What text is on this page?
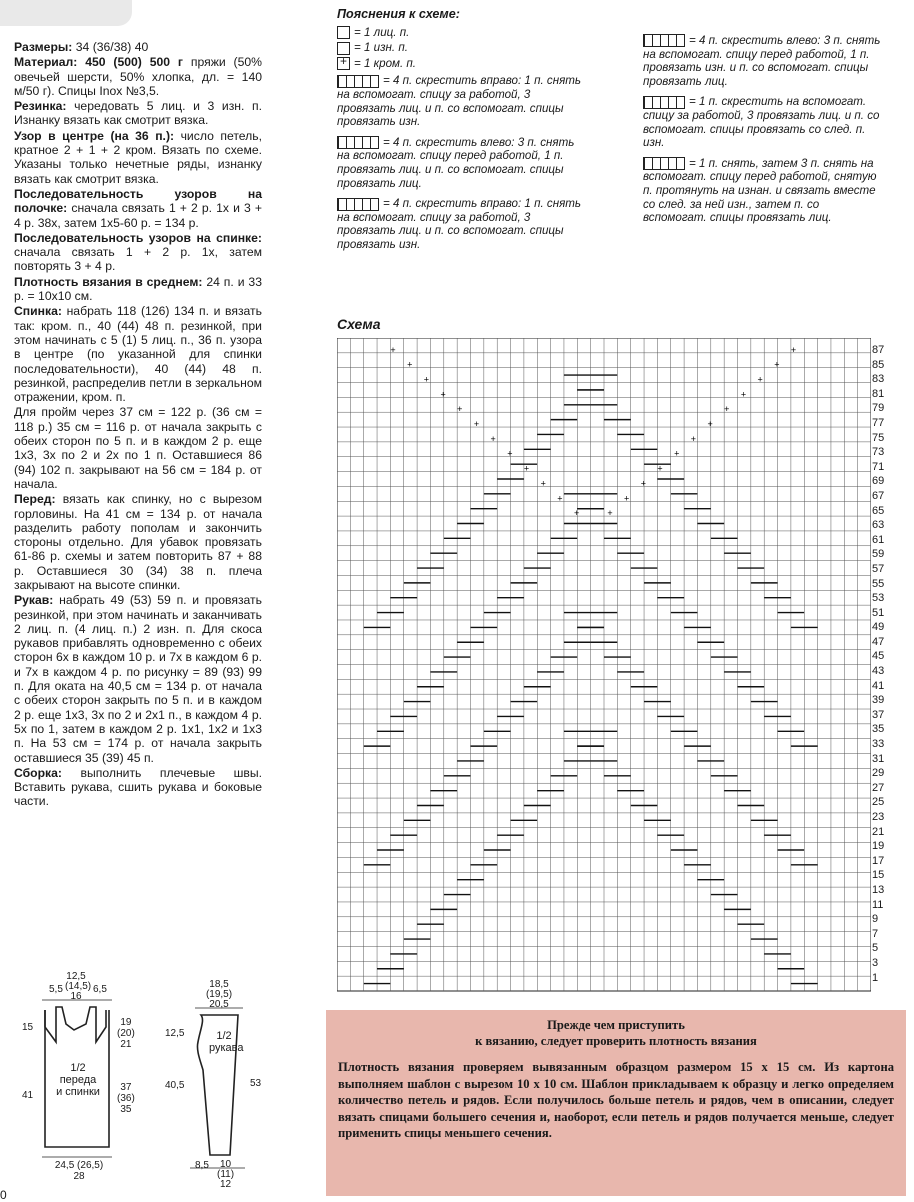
Размеры: 34 (36/38) 40

Материал: 450 (500) 500 г пряжи (50% овечьей шерсти, 50% хлопка, дл. = 140 м/50 г). Спицы Inox №3,5.

Резинка: чередовать 5 лиц. и 3 изн. п. Изнанку вязать как смотрит вязка.

Узор в центре (на 36 п.): число петель, кратное 2 + 1 + 2 кром. Вязать по схеме. Указаны только нечетные ряды, изнанку вязать как смотрит вязка.

Последовательность узоров на полочке: сначала связать 1 + 2 р. 1x и 3 + 4 р. 38x, затем 1x5-60 р. = 134 р.

Последовательность узоров на спинке: сначала связать 1 + 2 р. 1x, затем повторять 3 + 4 р.

Плотность вязания в среднем: 24 п. и 33 р. = 10x10 см.

Спинка: набрать 118 (126) 134 п. и вязать так: кром. п., 40 (44) 48 п. резинкой, при этом начинать с 5 (1) 5 лиц. п., 36 п. узора в центре (по указанной для спинки последовательности), 40 (44) 48 п. резинкой, распределив петли в зеркальном отражении, кром. п.

Для пройм через 37 см = 122 р. (36 см = 118 р.) 35 см = 116 р. от начала закрыть с обеих сторон по 5 п. и в каждом 2 р. еще 1x3, 3x по 2 и 2x по 1 п. Оставшиеся 86 (94) 102 п. закрывают на 56 см = 184 р. от начала.

Перед: вязать как спинку, но с вырезом горловины. На 41 см = 134 р. от начала разделить работу пополам и закончить стороны отдельно. Для убавок провязать 61-86 р. схемы и затем повторить 87 + 88 р. Оставшиеся 30 (34) 38 п. плеча закрывают на высоте спинки.

Рукав: набрать 49 (53) 59 п. и провязать резинкой, при этом начинать и заканчивать 2 лиц. п. (4 лиц. п.) 2 изн. п. Для скоса рукавов прибавлять одновременно с обеих сторон 6x в каждом 10 р. и 7x в каждом 6 р. и 7x в каждом 4 р. по рисунку = 89 (93) 99 п. Для оката на 40,5 см = 134 р. от начала с обеих сторон закрыть по 5 п. и в каждом 2 р. еще 1x3, 3x по 2 и 2x1 п., в каждом 4 р. 5x по 1, затем в каждом 2 р. 1x1, 1x2 и 1x3 п. На 53 см = 174 р. от начала закрыть оставшиеся 35 (39) 45 п.

Сборка: выполнить плечевые швы. Вставить рукава, сшить рукава и боковые части.

Пояснения к схеме:
= 1 лиц. п.
= 1 изн. п.
+ = 1 кром. п.
= 4 п. скрестить вправо: 1 п. снять на вспомогат. спицу за работой, 3 провязать лиц. и п. со вспомогат. спицы провязать изн.
= 4 п. скрестить влево: 3 п. снять на вспомогат. спицу перед работой, 1 п. провязать лиц. и п. со вспомогат. спицы провязать лиц.
= 4 п. скрестить вправо: 1 п. снять на вспомогат. спицу за работой, 3 провязать лиц. и п. со вспомогат. спицы провязать изн.
= 4 п. скрестить влево: 3 п. снять на вспомогат. спицу перед работой, 1 п. провязать изн. и п. со вспомогат. спицы провязать лиц.
= 1 п. скрестить на вспомогат. спицу за работой, 3 провязать лиц. и п. со вспомогат. спицы провязать со след. п. изн.
= 1 п. снять, затем 3 п. снять на вспомогат. спицу перед работой, снятую п. протянуть на изнан. и связать вместе со след. за ней изн., затем п. со вспомогат. спицы провязать лиц.
Схема
+	+
+	+
+	+
+	+
+	+
+	+
+	+
+	+
+	+
+	+
+	+
+	+
87
85
83
81
79
77
75
73
71
69
67
65
63
61
59
57
55
53
51
49
47
45
43
41
39
37
35
33
31
29
27
25
23
21
19
17
15
13
11
9
7
5
3
1
5,5
12,5
(14,5)
16
6,5
15
41
19
(20)
21
37
(36)
35
1/2
переда
и спинки
24,5 (26,5)
28
18,5
(19,5)
20,5
12,5
40,5	53
1/2
рукава
8,5 10
(11)
12
Прежде чем приступить
к вязанию, следует проверить плотность вязания

Плотность вязания проверяем вывязанным образцом размером 15 x 15 см. Из картона выполняем шаблон с вырезом 10 x 10 см. Шаблон прикладываем к образцу и легко определяем количество петель и рядов. Если получилось больше петель и рядов, чем в описании, следует вязать спицами большего сечения и, наоборот, если петель и рядов получается меньше, следует применить спицы меньшего сечения.

0
